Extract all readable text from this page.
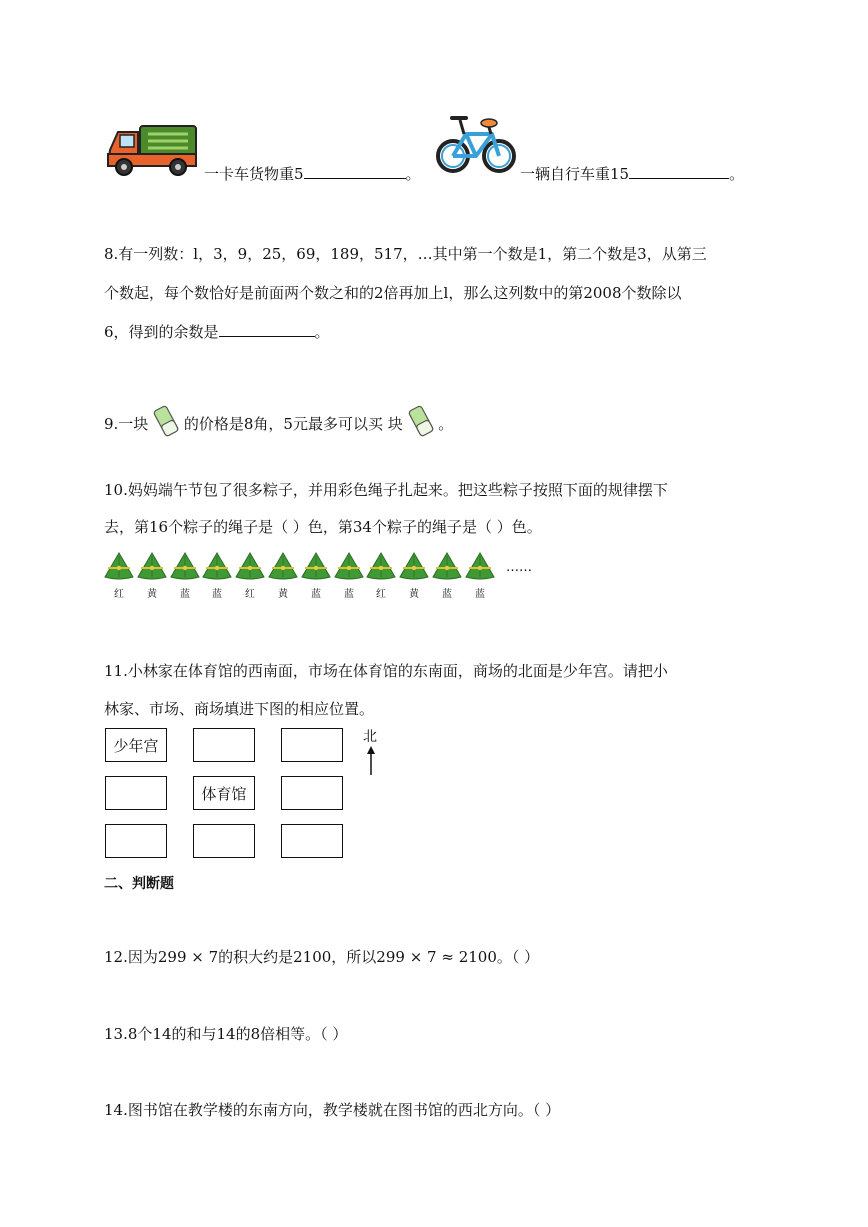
一卡车货物重5	。	一辆自行车重15	。
8.有一列数：l，3，9，25，69，189，517，…其中第一个数是1，第二个数是3，从第三
个数起，每个数恰好是前面两个数之和的2倍再加上l，那么这列数中的第2008个数除以
6，得到的余数是	。
9.一块 的价格是8角，5元最多可以买 块 。
10.妈妈端午节包了很多粽子，并用彩色绳子扎起来。把这些粽子按照下面的规律摆下
去，第16个粽子的绳子是（ ）色，第34个粽子的绳子是（ ）色。
红	黄	蓝	蓝	红	黄	蓝	蓝	红	黄	蓝	蓝
……
11.小林家在体育馆的西南面，市场在体育馆的东南面，商场的北面是少年宫。请把小
林家、市场、商场填进下图的相应位置。
少年宫
体育馆
北
二、判断题
12.因为299 × 7的积大约是2100，所以299 × 7 ≈ 2100。（ ）
13.8个14的和与14的8倍相等。（ ）
14.图书馆在教学楼的东南方向，教学楼就在图书馆的西北方向。（ ）
